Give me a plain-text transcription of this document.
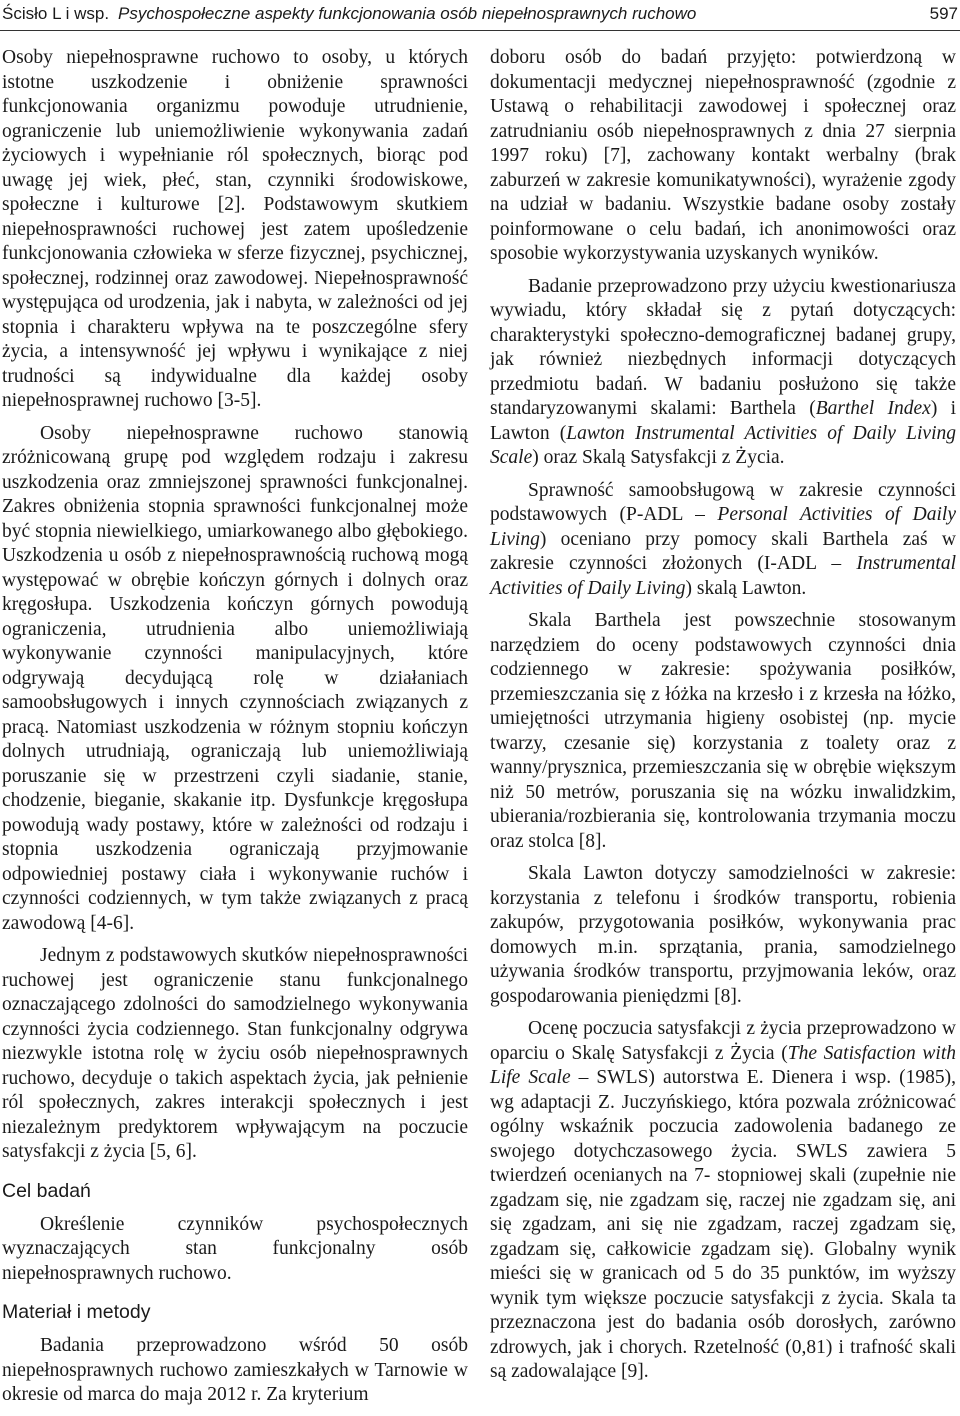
Ścisło L i wsp. Psychospołeczne aspekty funkcjonowania osób niepełnosprawnych ruchowo	597

Osoby niepełnosprawne ruchowo to osoby, u których istotne uszkodzenie i obniżenie sprawności funkcjonowania organizmu powoduje utrudnienie, ograniczenie lub uniemożliwienie wykonywania zadań życiowych i wypełnianie ról społecznych, biorąc pod uwagę jej wiek, płeć, stan, czynniki środowiskowe, społeczne i kulturowe [2]. Podstawowym skutkiem niepełnosprawności ruchowej jest zatem upośledzenie funkcjonowania człowieka w sferze fizycznej, psychicznej, społecznej, rodzinnej oraz zawodowej. Niepełnosprawność występująca od urodzenia, jak i nabyta, w zależności od jej stopnia i charakteru wpływa na te poszczególne sfery życia, a intensywność jej wpływu i wynikające z niej trudności są indywidualne dla każdej osoby niepełnosprawnej ruchowo [3-5].

Osoby niepełnosprawne ruchowo stanowią zróżnicowaną grupę pod względem rodzaju i zakresu uszkodzenia oraz zmniejszonej sprawności funkcjonalnej. Zakres obniżenia stopnia sprawności funkcjonalnej może być stopnia niewielkiego, umiarkowanego albo głębokiego. Uszkodzenia u osób z niepełnosprawnością ruchową mogą występować w obrębie kończyn górnych i dolnych oraz kręgosłupa. Uszkodzenia kończyn górnych powodują ograniczenia, utrudnienia albo uniemożliwiają wykonywanie czynności manipulacyjnych, które odgrywają decydującą rolę w działaniach samoobsługowych i innych czynnościach związanych z pracą. Natomiast uszkodzenia w różnym stopniu kończyn dolnych utrudniają, ograniczają lub uniemożliwiają poruszanie się w przestrzeni czyli siadanie, stanie, chodzenie, bieganie, skakanie itp. Dysfunkcje kręgosłupa powodują wady postawy, które w zależności od rodzaju i stopnia uszkodzenia ograniczają przyjmowanie odpowiedniej postawy ciała i wykonywanie ruchów i czynności codziennych, w tym także związanych z pracą zawodową [4-6].

Jednym z podstawowych skutków niepełnosprawności ruchowej jest ograniczenie stanu funkcjonalnego oznaczającego zdolności do samodzielnego wykonywania czynności życia codziennego. Stan funkcjonalny odgrywa niezwykle istotna rolę w życiu osób niepełnosprawnych ruchowo, decyduje o takich aspektach życia, jak pełnienie ról społecznych, zakres interakcji społecznych i jest niezależnym predyktorem wpływającym na poczucie satysfakcji z życia [5, 6].

Cel badań

Określenie czynników psychospołecznych wyznaczających stan funkcjonalny osób niepełnosprawnych ruchowo.

Materiał i metody

Badania przeprowadzono wśród 50 osób niepełnosprawnych ruchowo zamieszkałych w Tarnowie w okresie od marca do maja 2012 r. Za kryterium

doboru osób do badań przyjęto: potwierdzoną w dokumentacji medycznej niepełnosprawność (zgodnie z Ustawą o rehabilitacji zawodowej i społecznej oraz zatrudnianiu osób niepełnosprawnych z dnia 27 sierpnia 1997 roku) [7], zachowany kontakt werbalny (brak zaburzeń w zakresie komunikatywności), wyrażenie zgody na udział w badaniu. Wszystkie badane osoby zostały poinformowane o celu badań, ich anonimowości oraz sposobie wykorzystywania uzyskanych wyników.

Badanie przeprowadzono przy użyciu kwestionariusza wywiadu, który składał się z pytań dotyczących: charakterystyki społeczno-demograficznej badanej grupy, jak również niezbędnych informacji dotyczących przedmiotu badań. W badaniu posłużono się także standaryzowanymi skalami: Barthela (Barthel Index) i Lawton (Lawton Instrumental Activities of Daily Living Scale) oraz Skalą Satysfakcji z Życia.

Sprawność samoobsługową w zakresie czynności podstawowych (P-ADL – Personal Activities of Daily Living) oceniano przy pomocy skali Barthela zaś w zakresie czynności złożonych (I-ADL – Instrumental Activities of Daily Living) skalą Lawton.

Skala Barthela jest powszechnie stosowanym narzędziem do oceny podstawowych czynności dnia codziennego w zakresie: spożywania posiłków, przemieszczania się z łóżka na krzesło i z krzesła na łóżko, umiejętności utrzymania higieny osobistej (np. mycie twarzy, czesanie się) korzystania z toalety oraz z wanny/prysznica, przemieszczania się w obrębie większym niż 50 metrów, poruszania się na wózku inwalidzkim, ubierania/rozbierania się, kontrolowania trzymania moczu oraz stolca [8].

Skala Lawton dotyczy samodzielności w zakresie: korzystania z telefonu i środków transportu, robienia zakupów, przygotowania posiłków, wykonywania prac domowych m.in. sprzątania, prania, samodzielnego używania środków transportu, przyjmowania leków, oraz gospodarowania pieniędzmi [8].

Ocenę poczucia satysfakcji z życia przeprowadzono w oparciu o Skalę Satysfakcji z Życia (The Satisfaction with Life Scale – SWLS) autorstwa E. Dienera i wsp. (1985), wg adaptacji Z. Juczyńskiego, która pozwala zróżnicować ogólny wskaźnik poczucia zadowolenia badanego ze swojego dotychczasowego życia. SWLS zawiera 5 twierdzeń ocenianych na 7- stopniowej skali (zupełnie nie zgadzam się, nie zgadzam się, raczej nie zgadzam się, ani się zgadzam, ani się nie zgadzam, raczej zgadzam się, zgadzam się, całkowicie zgadzam się). Globalny wynik mieści się w granicach od 5 do 35 punktów, im wyższy wynik tym większe poczucie satysfakcji z życia. Skala ta przeznaczona jest do badania osób dorosłych, zarówno zdrowych, jak i chorych. Rzetelność (0,81) i trafność skali są zadowalające [9].
